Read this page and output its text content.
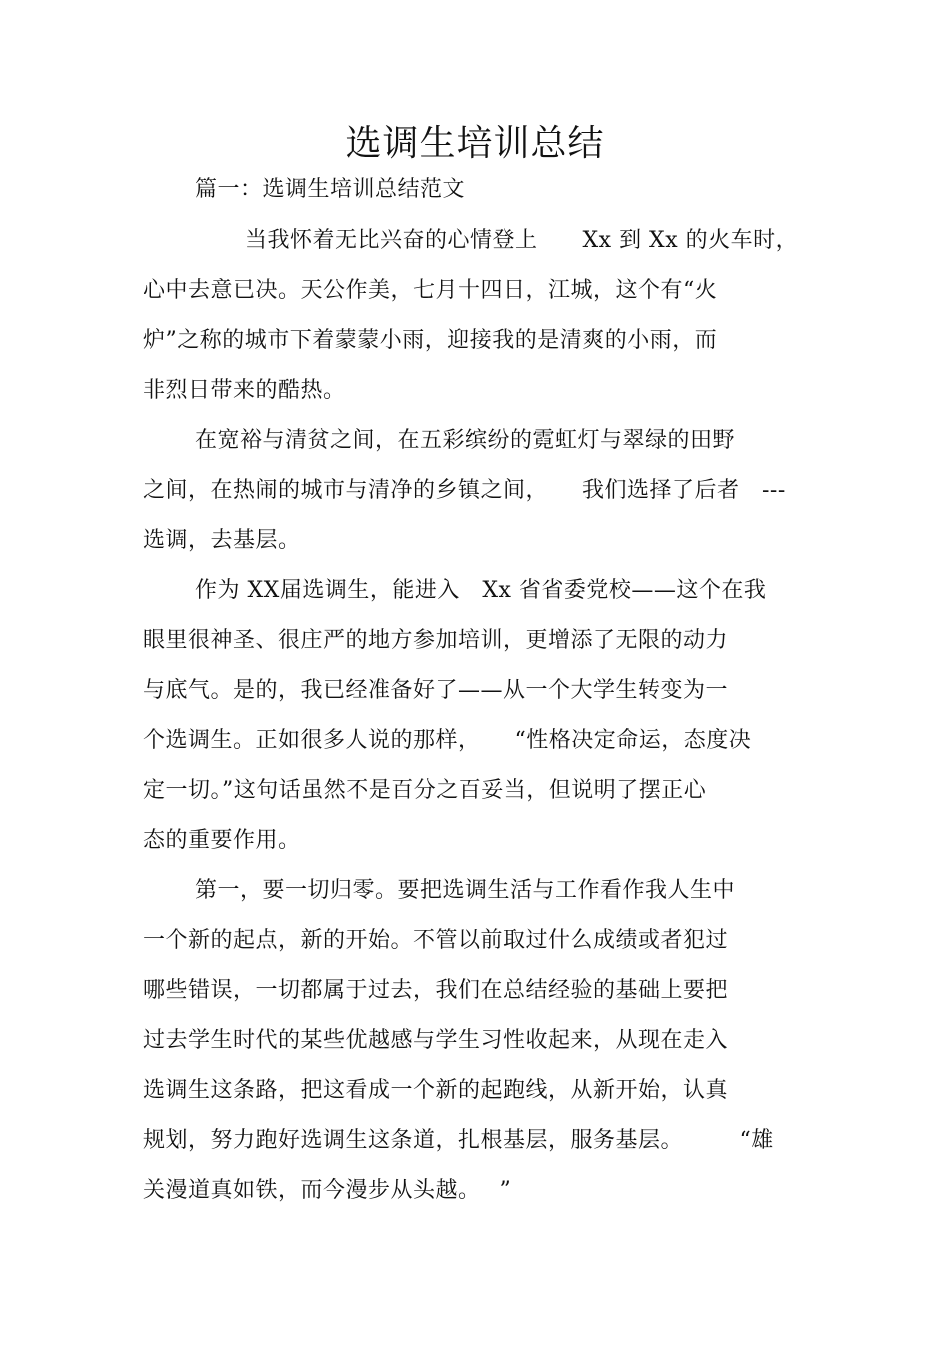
选调生培训总结
篇一：选调生培训总结范文
当我怀着无比兴奋的心情登上　　Xx 到 Xx 的火车时，
心中去意已决。天公作美，七月十四日，江城，这个有“火
炉”之称的城市下着蒙蒙小雨，迎接我的是清爽的小雨，而
非烈日带来的酷热。
在宽裕与清贫之间，在五彩缤纷的霓虹灯与翠绿的田野
之间，在热闹的城市与清净的乡镇之间，　　我们选择了后者　---
选调，去基层。
作为 XX届选调生，能进入　Xx 省省委党校——这个在我
眼里很神圣、很庄严的地方参加培训，更增添了无限的动力
与底气。是的，我已经准备好了——从一个大学生转变为一
个选调生。正如很多人说的那样，　　“性格决定命运，态度决
定一切。”这句话虽然不是百分之百妥当，但说明了摆正心
态的重要作用。
第一，要一切归零。要把选调生活与工作看作我人生中
一个新的起点，新的开始。不管以前取过什么成绩或者犯过
哪些错误，一切都属于过去，我们在总结经验的基础上要把
过去学生时代的某些优越感与学生习性收起来，从现在走入
选调生这条路，把这看成一个新的起跑线，从新开始，认真
规划，努力跑好选调生这条道，扎根基层，服务基层。　　　“雄
关漫道真如铁，而今漫步从头越。　 ”
